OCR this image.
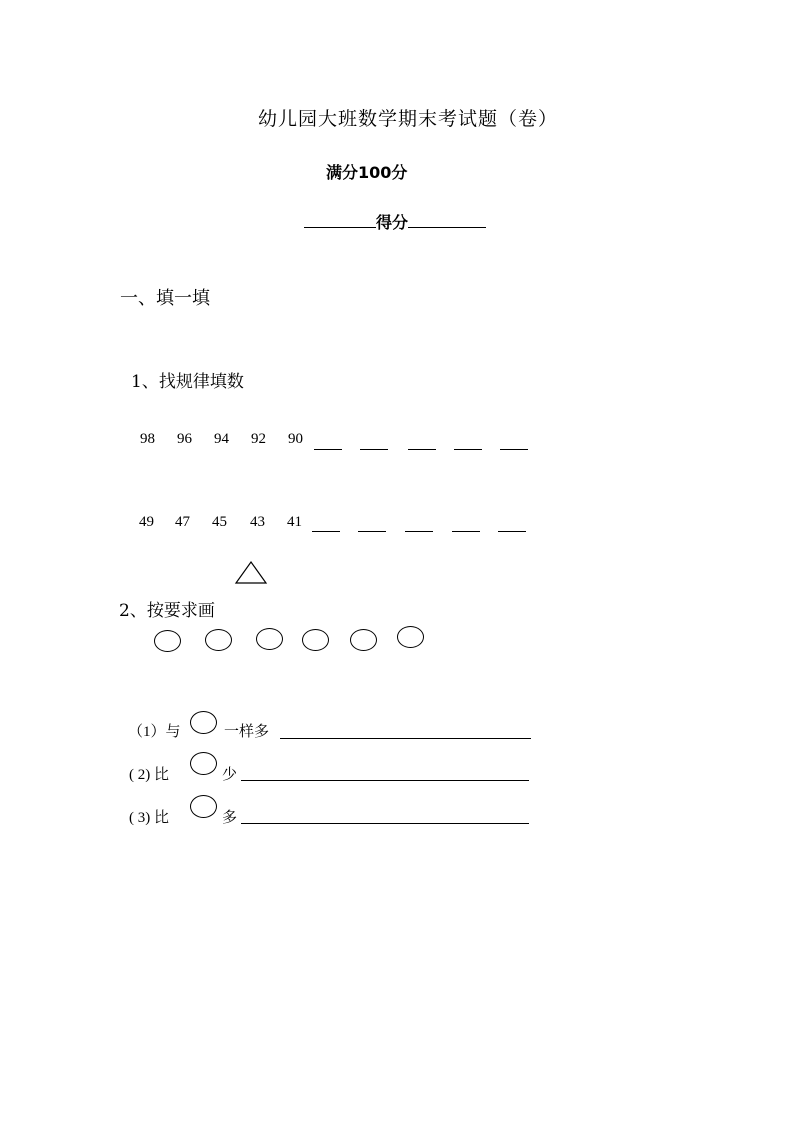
幼儿园大班数学期末考试题（卷）
满分100分
得分
一、填一填
1、找规律填数
98 96 94 92 90
49 47 45 43 41
2、按要求画
（1）与	一样多
( 2) 比	少
( 3) 比	多
